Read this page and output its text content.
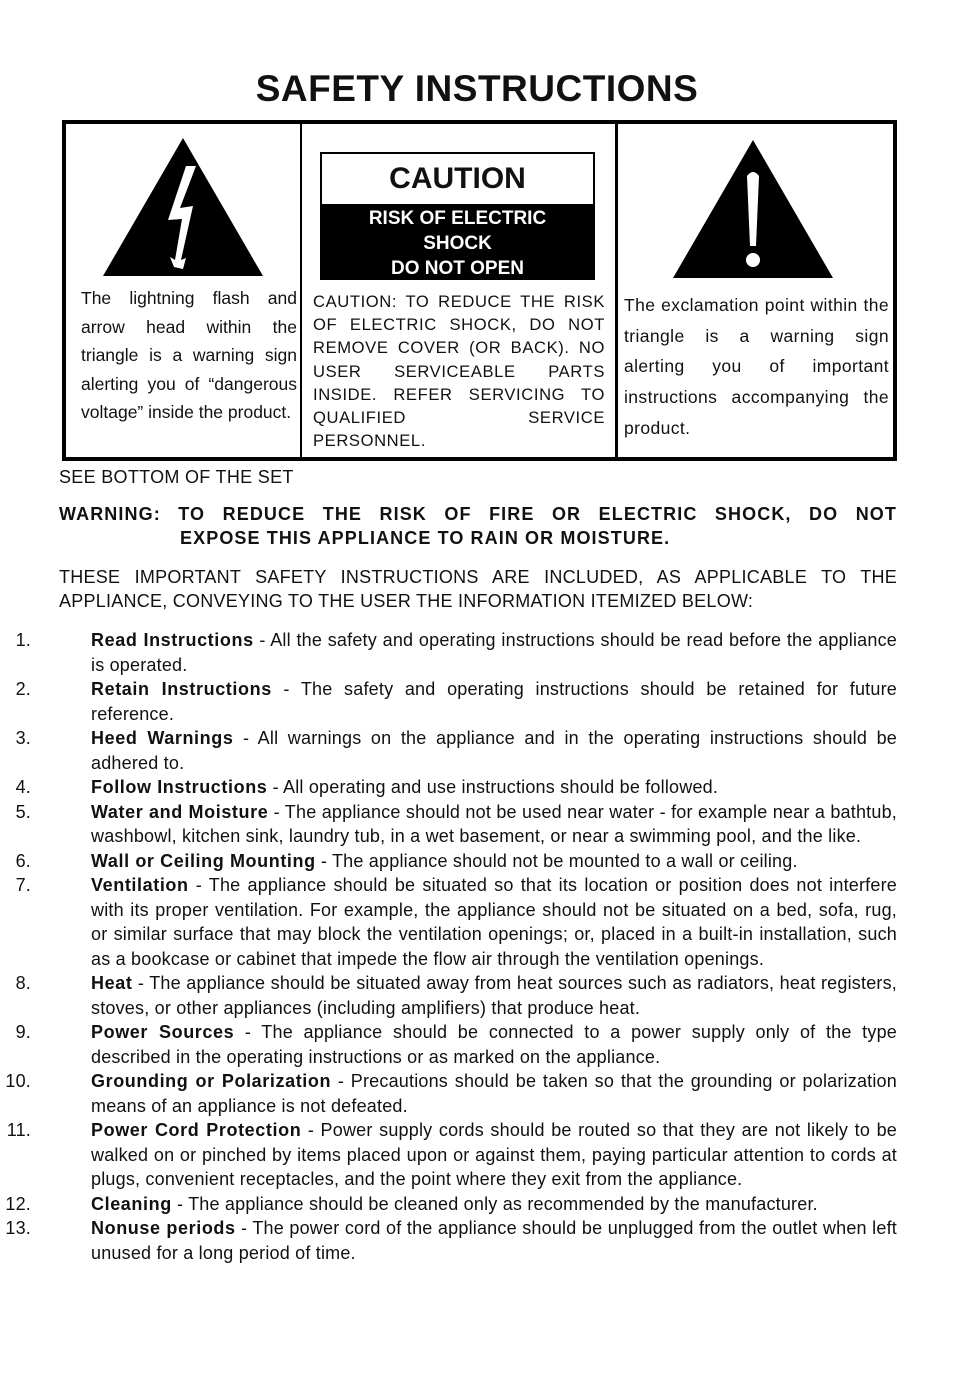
SAFETY INSTRUCTIONS
The lightning flash and arrow head within the triangle is a warning sign alerting you of “dangerous voltage” inside the product.
CAUTION
RISK OF ELECTRIC
SHOCK
DO NOT OPEN
CAUTION: TO REDUCE THE RISK OF ELECTRIC SHOCK, DO NOT REMOVE COVER (OR BACK). NO USER SERVICEABLE PARTS INSIDE. REFER SERVICING TO QUALIFIED SERVICE PERSONNEL.
The exclamation point within the triangle is a warning sign alerting you of important instructions accompanying the product.
SEE BOTTOM OF THE SET
WARNING: TO REDUCE THE RISK OF FIRE OR ELECTRIC SHOCK, DO NOT
EXPOSE THIS APPLIANCE TO RAIN OR MOISTURE.
THESE IMPORTANT SAFETY INSTRUCTIONS ARE INCLUDED, AS APPLICABLE TO THE APPLIANCE, CONVEYING TO THE USER THE INFORMATION ITEMIZED BELOW:
1.	Read Instructions - All the safety and operating instructions should be read before the appliance is operated.
2.	Retain Instructions - The safety and operating instructions should be retained for future reference.
3.	Heed Warnings - All warnings on the appliance and in the operating instructions should be adhered to.
4.	Follow Instructions - All operating and use instructions should be followed.
5.	Water and Moisture - The appliance should not be used near water - for example near a bathtub, washbowl, kitchen sink, laundry tub, in a wet basement, or near a swimming pool, and the like.
6.	Wall or Ceiling Mounting - The appliance should not be mounted to a wall or ceiling.
7.	Ventilation - The appliance should be situated so that its location or position does not interfere with its proper ventilation. For example, the appliance should not be situated on a bed, sofa, rug, or similar surface that may block the ventilation openings; or, placed in a built-in installation, such as a bookcase or cabinet that impede the flow air through the ventilation openings.
8.	Heat - The appliance should be situated away from heat sources such as radiators, heat registers, stoves, or other appliances (including amplifiers) that produce heat.
9.	Power Sources - The appliance should be connected to a power supply only of the type described in the operating instructions or as marked on the appliance.
10.	Grounding or Polarization - Precautions should be taken so that the grounding or polarization means of an appliance is not defeated.
11.	Power Cord Protection - Power supply cords should be routed so that they are not likely to be walked on or pinched by items placed upon or against them, paying particular attention to cords at plugs, convenient receptacles, and the point where they exit from the appliance.
12.	Cleaning - The appliance should be cleaned only as recommended by the manufacturer.
13.	Nonuse periods - The power cord of the appliance should be unplugged from the outlet when left unused for a long period of time.
